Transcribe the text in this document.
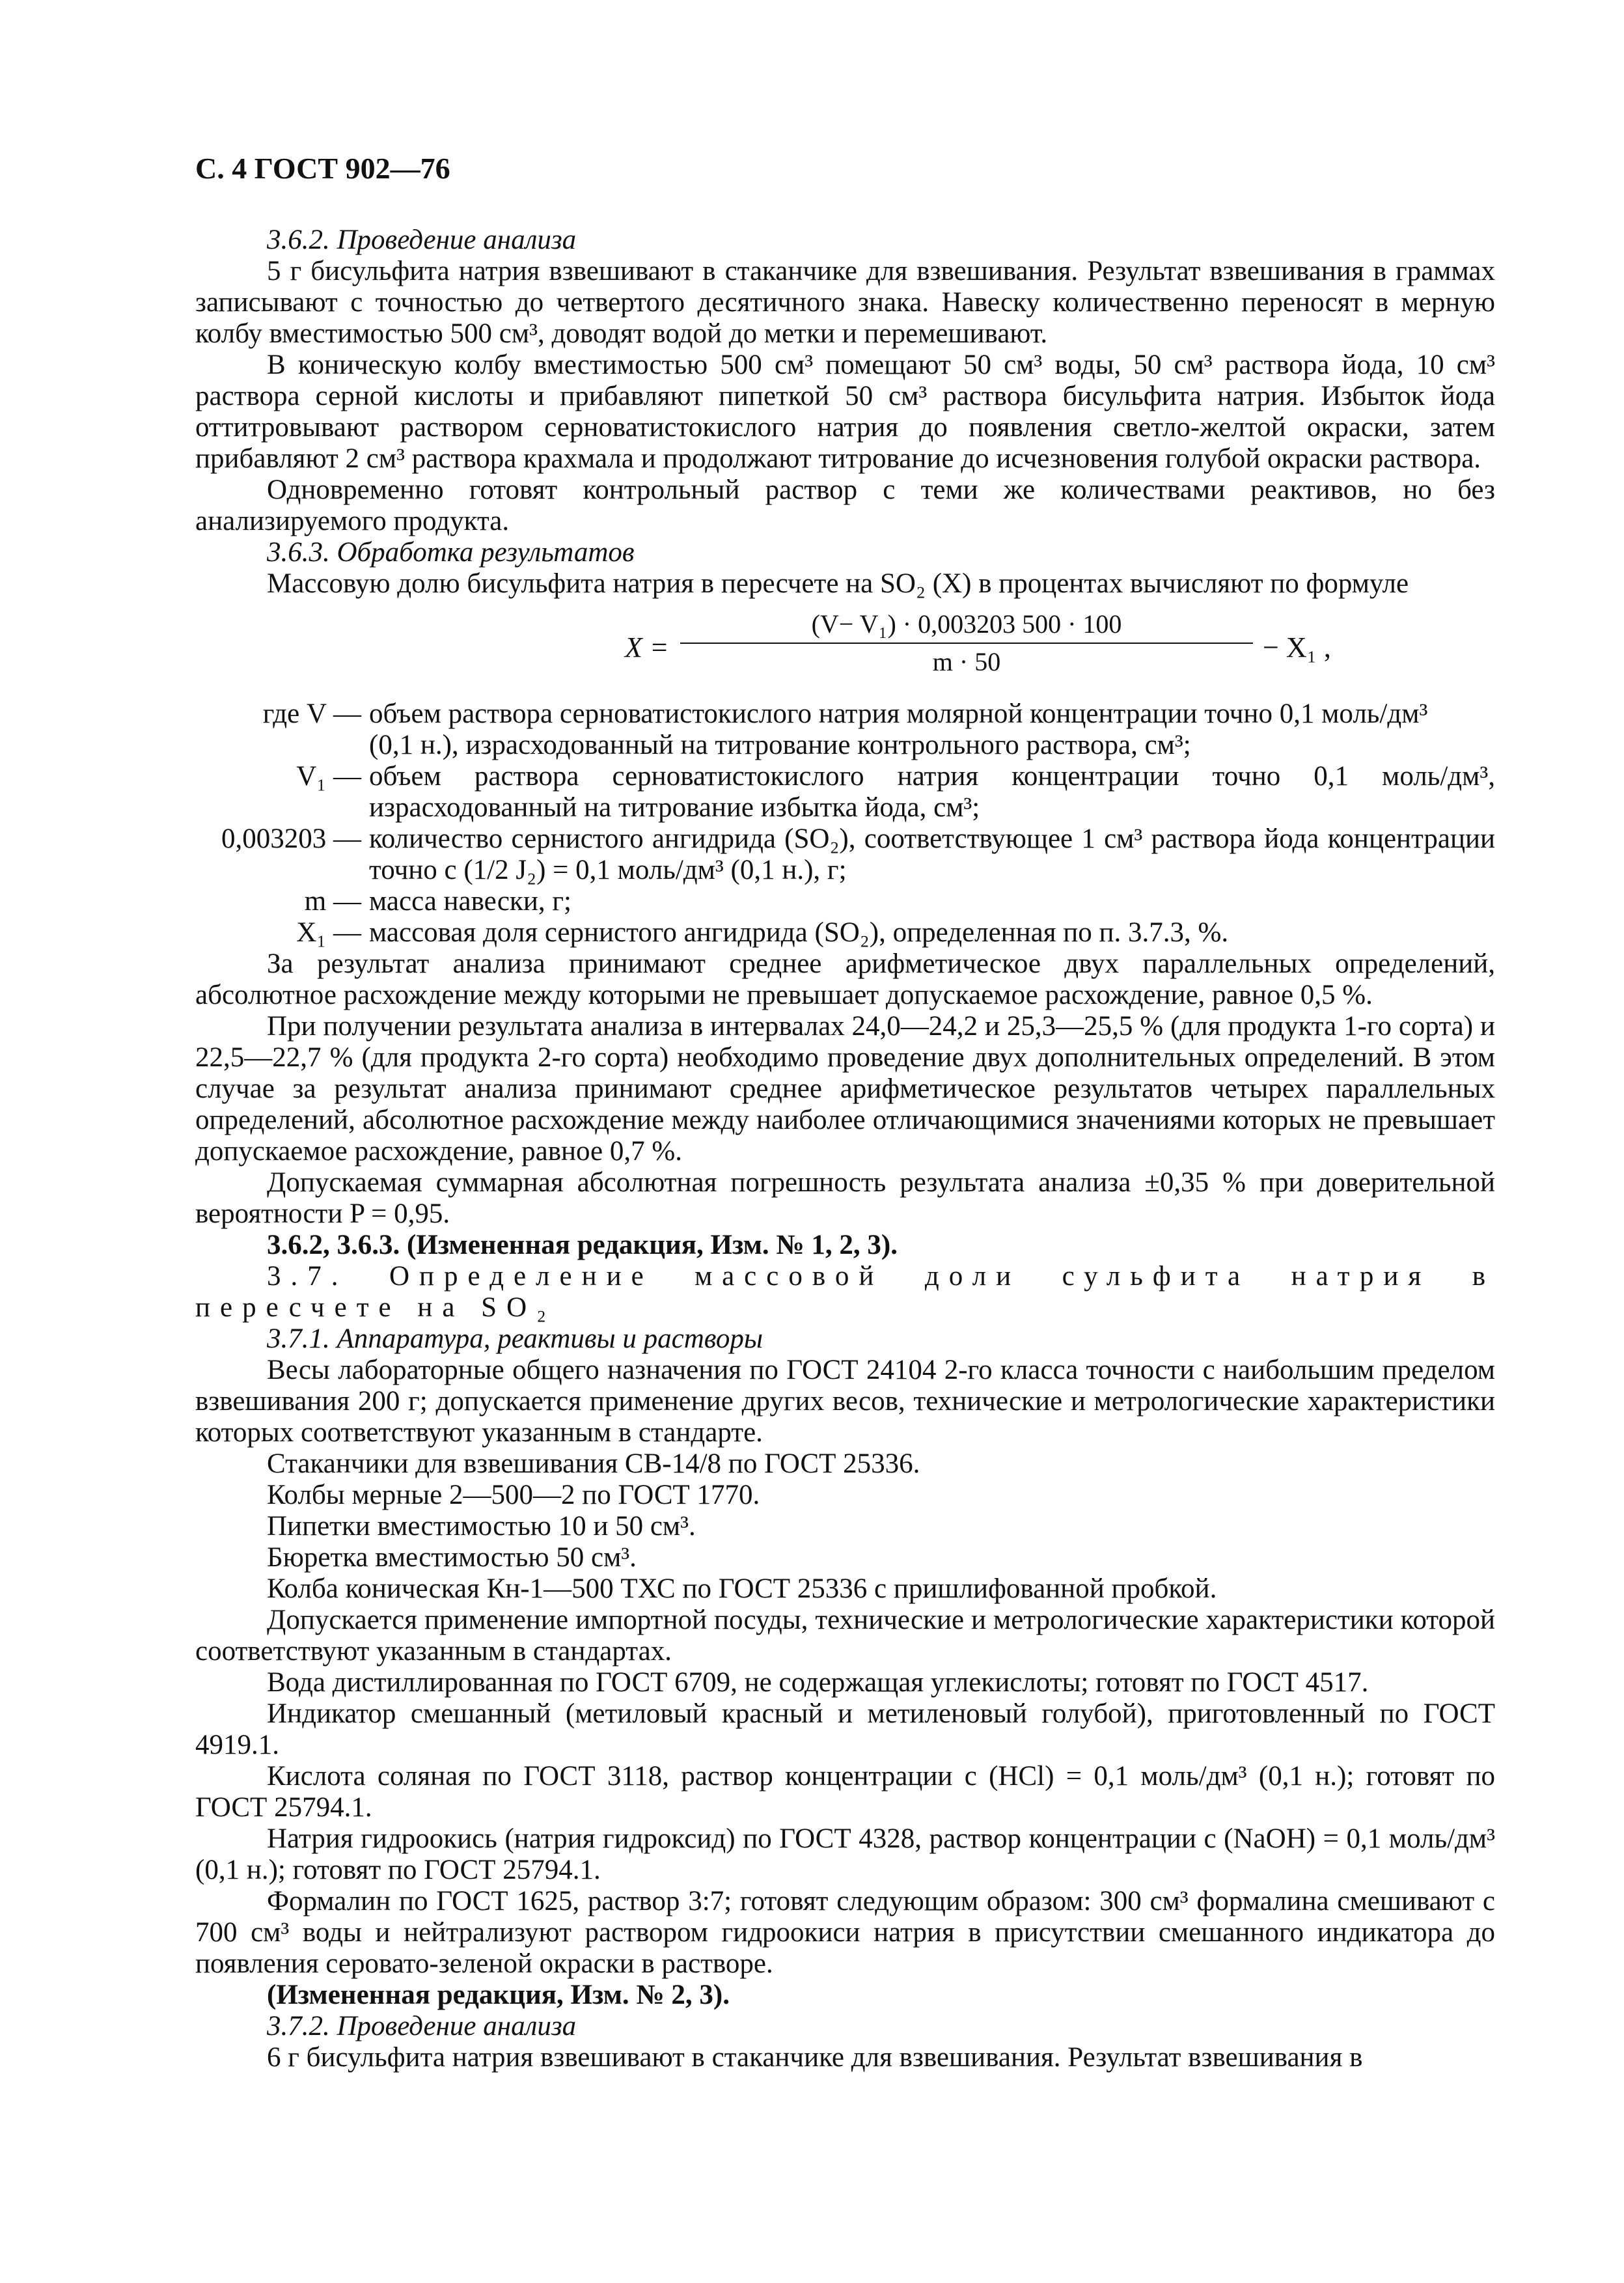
С. 4 ГОСТ 902—76

3.6.2. Проведение анализа

5 г бисульфита натрия взвешивают в стаканчике для взвешивания. Результат взвешивания в граммах записывают с точностью до четвертого десятичного знака. Навеску количественно переносят в мерную колбу вместимостью 500 см³, доводят водой до метки и перемешивают.

В коническую колбу вместимостью 500 см³ помещают 50 см³ воды, 50 см³ раствора йода, 10 см³ раствора серной кислоты и прибавляют пипеткой 50 см³ раствора бисульфита натрия. Избыток йода оттитровывают раствором серноватистокислого натрия до появления светло-желтой окраски, затем прибавляют 2 см³ раствора крахмала и продолжают титрование до исчезновения голубой окраски раствора.

Одновременно готовят контрольный раствор с теми же количествами реактивов, но без анализируемого продукта.

3.6.3. Обработка результатов

Массовую долю бисульфита натрия в пересчете на SO₂ (X) в процентах вычисляют по формуле

$X = \frac{\text{(V− V₁) · 0,003203 500 · 100}}{m \cdot 50} - X_1$ ,
где V — объем раствора серноватистокислого натрия молярной концентрации точно 0,1 моль/дм³

(0,1 н.), израсходованный на титрование контрольного раствора, см³;

V₁ — объем раствора серноватистокислого натрия концентрации точно 0,1 моль/дм³, израсходованный на титрование избытка йода, см³;
0,003203 — количество сернистого ангидрида (SO₂), соответствующее 1 см³ раствора йода концентрации точно c (1/2 J₂) = 0,1 моль/дм³ (0,1 н.), г;
m — масса навески, г;
X₁ — массовая доля сернистого ангидрида (SO₂), определенная по п. 3.7.3, %.

За результат анализа принимают среднее арифметическое двух параллельных определений, абсолютное расхождение между которыми не превышает допускаемое расхождение, равное 0,5 %.

При получении результата анализа в интервалах 24,0—24,2 и 25,3—25,5 % (для продукта 1-го сорта) и 22,5—22,7 % (для продукта 2-го сорта) необходимо проведение двух дополнительных определений. В этом случае за результат анализа принимают среднее арифметическое результатов четырех параллельных определений, абсолютное расхождение между наиболее отличающимися значениями которых не превышает допускаемое расхождение, равное 0,7 %.

Допускаемая суммарная абсолютная погрешность результата анализа ±0,35 % при доверительной вероятности P = 0,95.

3.6.2, 3.6.3. (Измененная редакция, Изм. № 1, 2, 3).

3.7. Определение массовой доли сульфита натрия в пересчете на SO₂

3.7.1. Аппаратура, реактивы и растворы

Весы лабораторные общего назначения по ГОСТ 24104 2-го класса точности с наибольшим пределом взвешивания 200 г; допускается применение других весов, технические и метрологические характеристики которых соответствуют указанным в стандарте.

Стаканчики для взвешивания СВ-14/8 по ГОСТ 25336.

Колбы мерные 2—500—2 по ГОСТ 1770.

Пипетки вместимостью 10 и 50 см³.

Бюретка вместимостью 50 см³.

Колба коническая Кн-1—500 ТХС по ГОСТ 25336 с пришлифованной пробкой.

Допускается применение импортной посуды, технические и метрологические характеристики которой соответствуют указанным в стандартах.

Вода дистиллированная по ГОСТ 6709, не содержащая углекислоты; готовят по ГОСТ 4517.

Индикатор смешанный (метиловый красный и метиленовый голубой), приготовленный по ГОСТ 4919.1.

Кислота соляная по ГОСТ 3118, раствор концентрации c (HCl) = 0,1 моль/дм³ (0,1 н.); готовят по ГОСТ 25794.1.

Натрия гидроокись (натрия гидроксид) по ГОСТ 4328, раствор концентрации c (NaOH) = 0,1 моль/дм³ (0,1 н.); готовят по ГОСТ 25794.1.

Формалин по ГОСТ 1625, раствор 3:7; готовят следующим образом: 300 см³ формалина смешивают с 700 см³ воды и нейтрализуют раствором гидроокиси натрия в присутствии смешанного индикатора до появления серовато-зеленой окраски в растворе.

(Измененная редакция, Изм. № 2, 3).

3.7.2. Проведение анализа

6 г бисульфита натрия взвешивают в стаканчике для взвешивания. Результат взвешивания в
